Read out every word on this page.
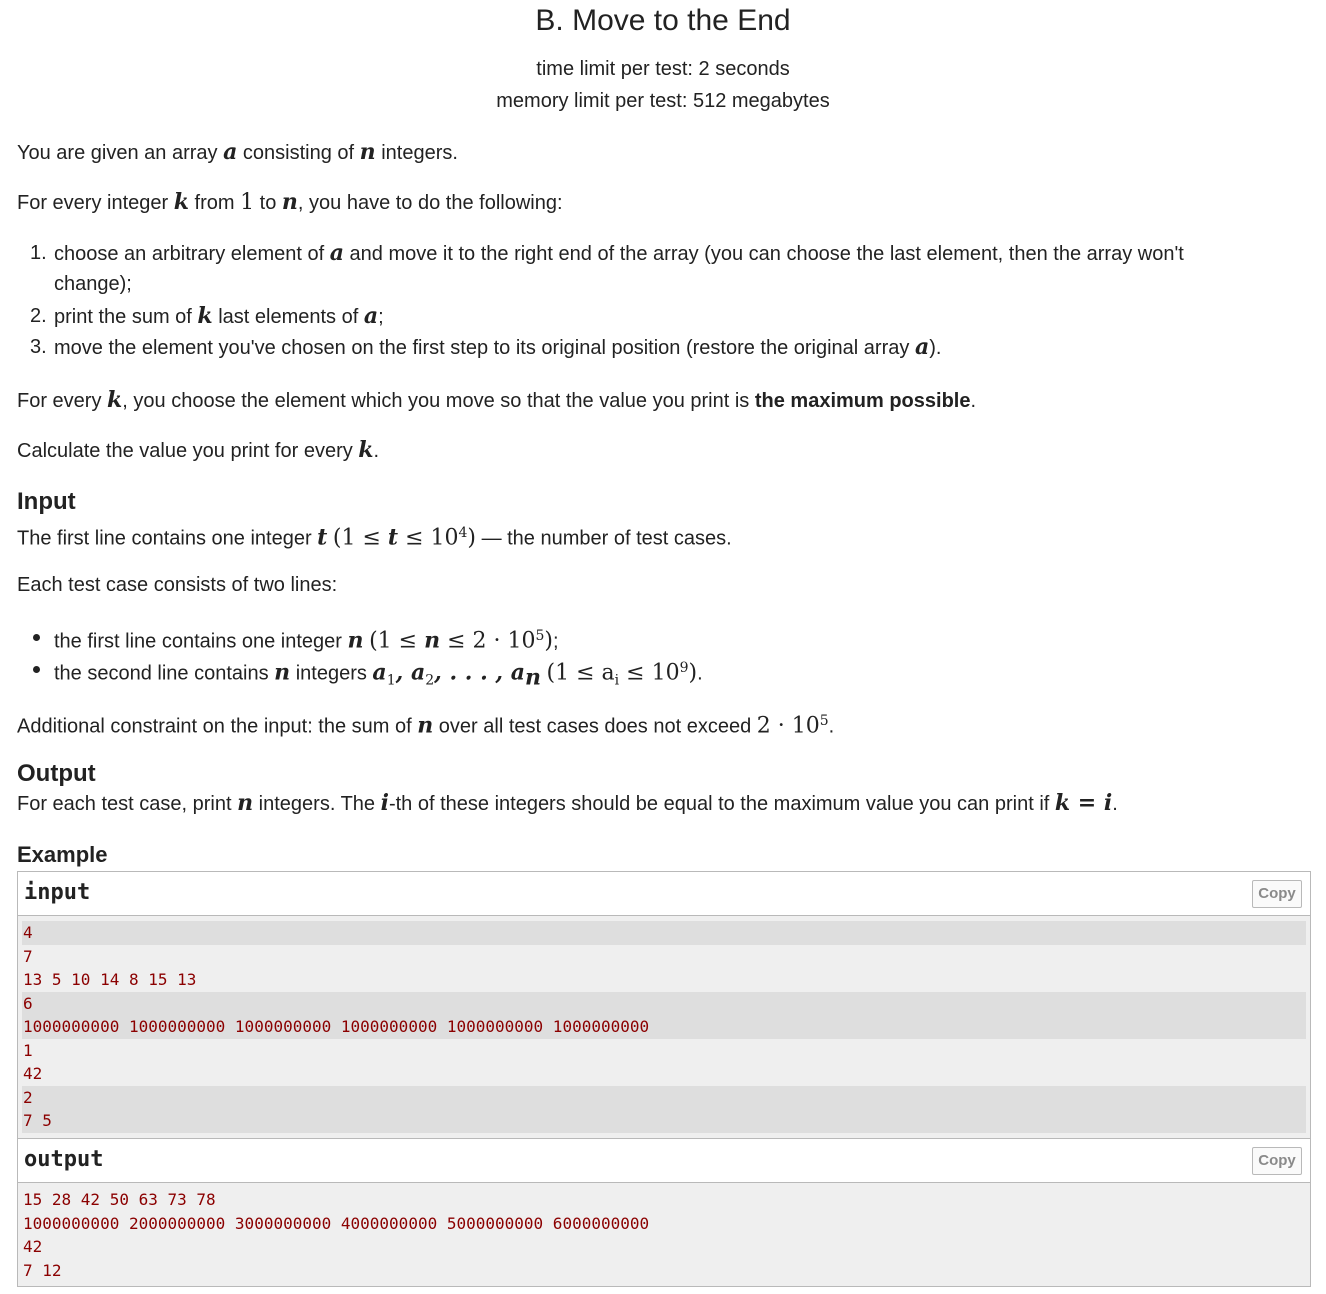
B. Move to the End
time limit per test: 2 seconds
memory limit per test: 512 megabytes
You are given an array a consisting of n integers.
For every integer k from 1 to n, you have to do the following:
1. choose an arbitrary element of a and move it to the right end of the array (you can choose the last element, then the array won't
change);
2. print the sum of k last elements of a;
3. move the element you've chosen on the first step to its original position (restore the original array a).
For every k, you choose the element which you move so that the value you print is the maximum possible.
Calculate the value you print for every k.
Input
The first line contains one integer t $(1 \le t \le 10^4)$ — the number of test cases.
Each test case consists of two lines:
the first line contains one integer n $(1 \le n \le 2 \cdot 10^5)$;
the second line contains n integers $a_1$, $a_2$, . . . , $a_n$ $(1 \le a_i \le 10^9)$.
Additional constraint on the input: the sum of n over all test cases does not exceed $2 \cdot 10^5$.
Output
For each test case, print n integers. The i-th of these integers should be equal to the maximum value you can print if k = i.
Example
input	Copy
4
7
13 5 10 14 8 15 13
6
1000000000 1000000000 1000000000 1000000000 1000000000 1000000000
1
42
2
7 5
output	Copy
15 28 42 50 63 73 78
1000000000 2000000000 3000000000 4000000000 5000000000 6000000000
42
7 12
